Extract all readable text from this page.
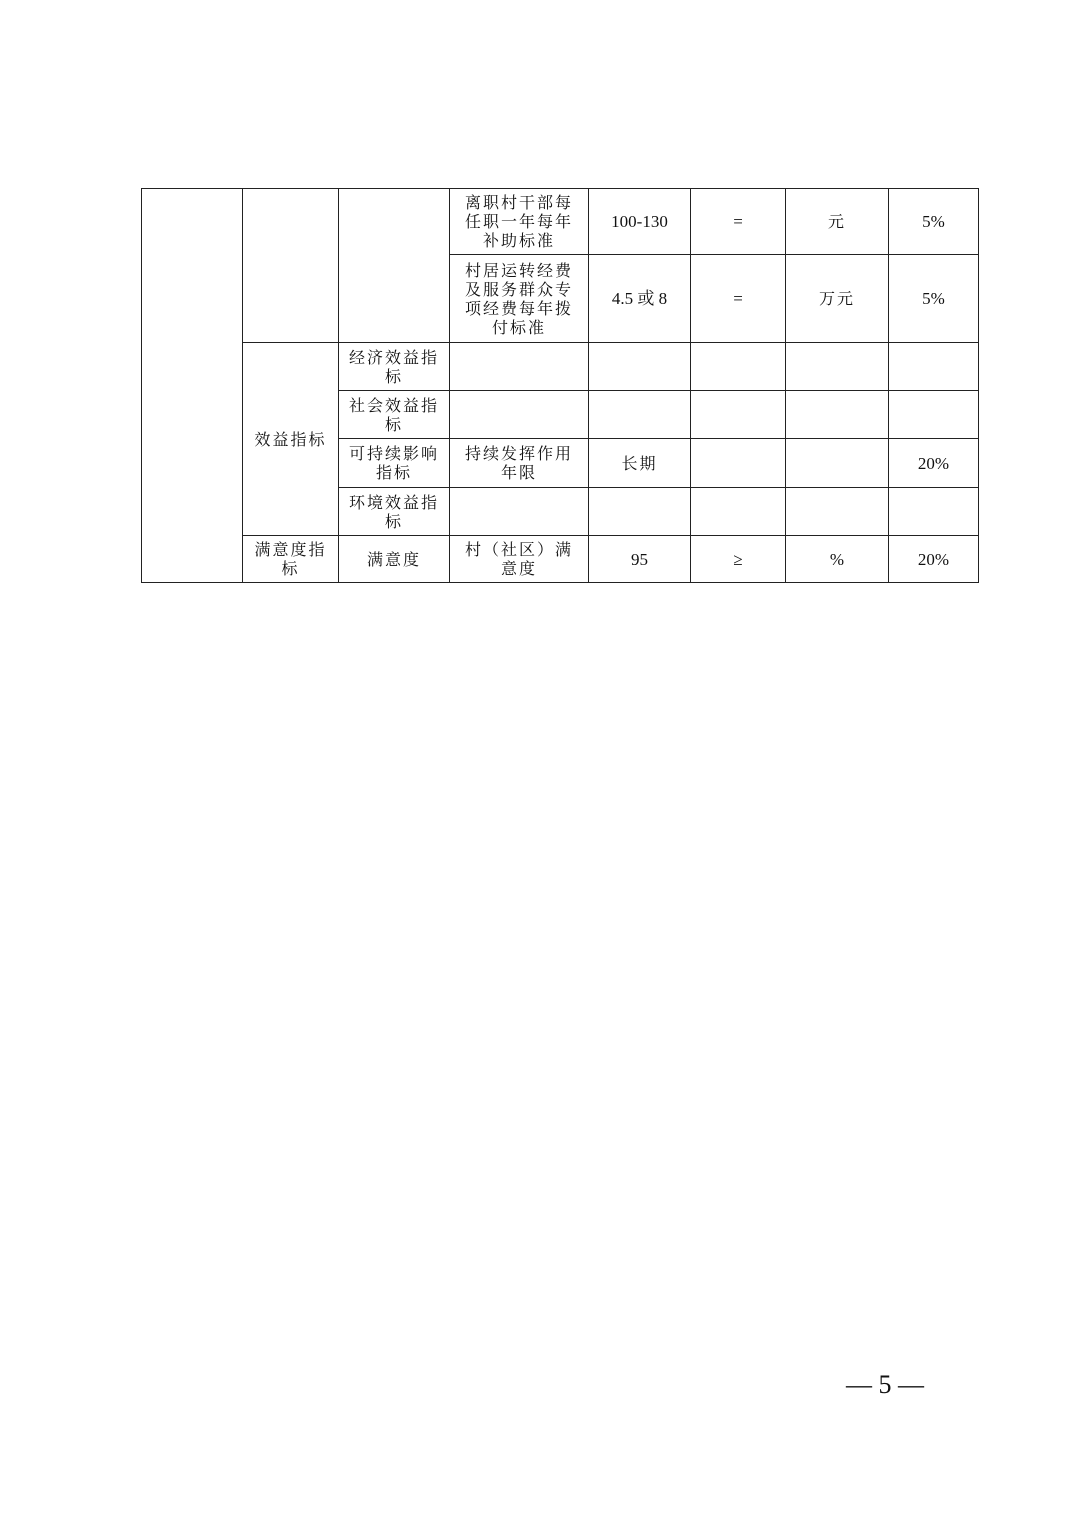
			离职村干部每任职一年每年补助标准	100-130	=	元	5%
			村居运转经费及服务群众专项经费每年拨付标准	4.5 或 8	=	万元	5%
	效益指标	经济效益指标					
		社会效益指标					
		可持续影响指标	持续发挥作用年限	长期			20%
		环境效益指标					
	满意度指标	满意度	村（社区）满意度	95	≥	%	20%
— 5 —
